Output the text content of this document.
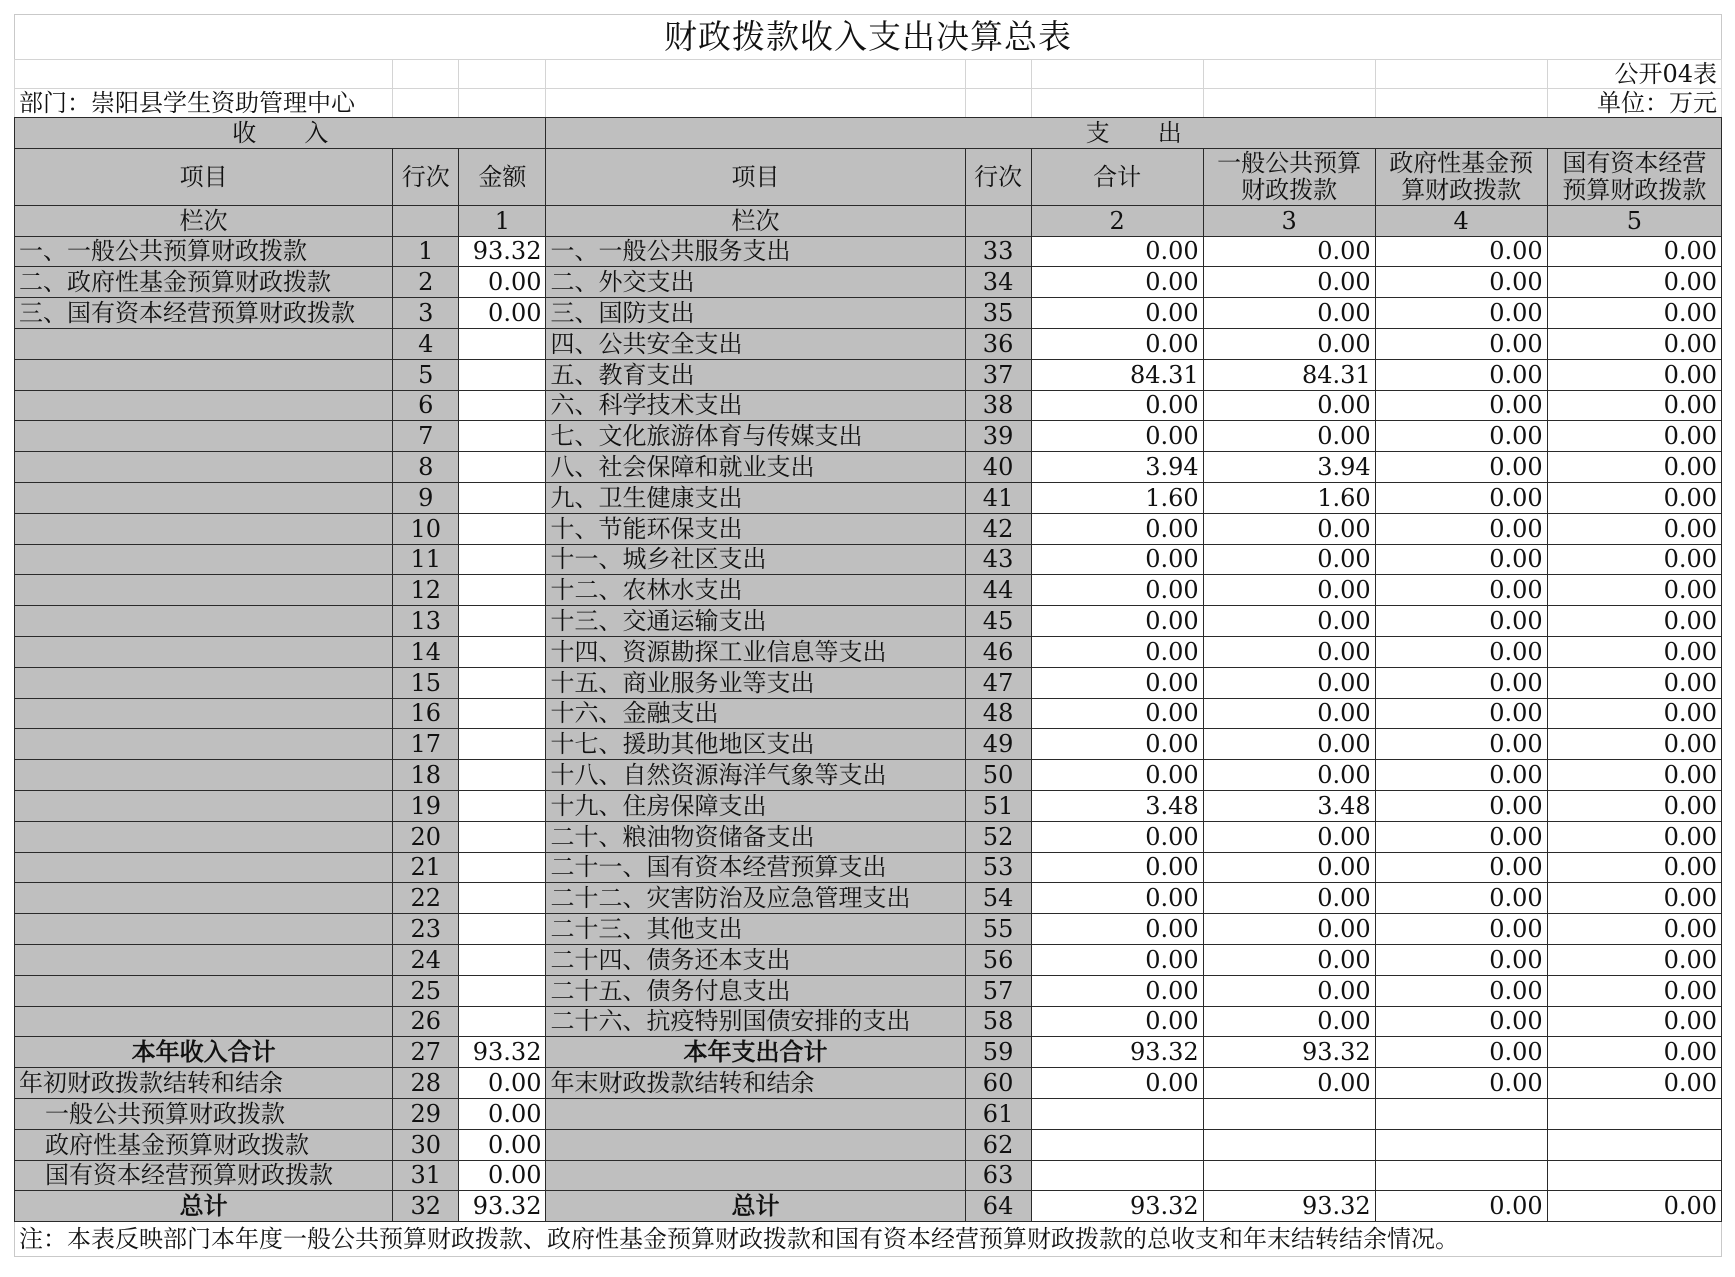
财政拨款收入支出决算总表
								公开04表
部门：崇阳县学生资助管理中心								单位：万元
收　　入			支　　出					
项目	行次	金额	项目	行次	合计	一般公共预算财政拨款	政府性基金预算财政拨款	国有资本经营预算财政拨款
栏次		1	栏次		2	3	4	5
一、一般公共预算财政拨款	1	93.32	一、一般公共服务支出	33	0.00	0.00	0.00	0.00
二、政府性基金预算财政拨款	2	0.00	二、外交支出	34	0.00	0.00	0.00	0.00
三、国有资本经营预算财政拨款	3	0.00	三、国防支出	35	0.00	0.00	0.00	0.00
	4		四、公共安全支出	36	0.00	0.00	0.00	0.00
	5		五、教育支出	37	84.31	84.31	0.00	0.00
	6		六、科学技术支出	38	0.00	0.00	0.00	0.00
	7		七、文化旅游体育与传媒支出	39	0.00	0.00	0.00	0.00
	8		八、社会保障和就业支出	40	3.94	3.94	0.00	0.00
	9		九、卫生健康支出	41	1.60	1.60	0.00	0.00
	10		十、节能环保支出	42	0.00	0.00	0.00	0.00
	11		十一、城乡社区支出	43	0.00	0.00	0.00	0.00
	12		十二、农林水支出	44	0.00	0.00	0.00	0.00
	13		十三、交通运输支出	45	0.00	0.00	0.00	0.00
	14		十四、资源勘探工业信息等支出	46	0.00	0.00	0.00	0.00
	15		十五、商业服务业等支出	47	0.00	0.00	0.00	0.00
	16		十六、金融支出	48	0.00	0.00	0.00	0.00
	17		十七、援助其他地区支出	49	0.00	0.00	0.00	0.00
	18		十八、自然资源海洋气象等支出	50	0.00	0.00	0.00	0.00
	19		十九、住房保障支出	51	3.48	3.48	0.00	0.00
	20		二十、粮油物资储备支出	52	0.00	0.00	0.00	0.00
	21		二十一、国有资本经营预算支出	53	0.00	0.00	0.00	0.00
	22		二十二、灾害防治及应急管理支出	54	0.00	0.00	0.00	0.00
	23		二十三、其他支出	55	0.00	0.00	0.00	0.00
	24		二十四、债务还本支出	56	0.00	0.00	0.00	0.00
	25		二十五、债务付息支出	57	0.00	0.00	0.00	0.00
	26		二十六、抗疫特别国债安排的支出	58	0.00	0.00	0.00	0.00
本年收入合计	27	93.32	本年支出合计	59	93.32	93.32	0.00	0.00
年初财政拨款结转和结余	28	0.00	年末财政拨款结转和结余	60	0.00	0.00	0.00	0.00
一般公共预算财政拨款	29	0.00		61				
政府性基金预算财政拨款	30	0.00		62				
国有资本经营预算财政拨款	31	0.00		63				
总计	32	93.32	总计	64	93.32	93.32	0.00	0.00
注：本表反映部门本年度一般公共预算财政拨款、政府性基金预算财政拨款和国有资本经营预算财政拨款的总收支和年末结转结余情况。
